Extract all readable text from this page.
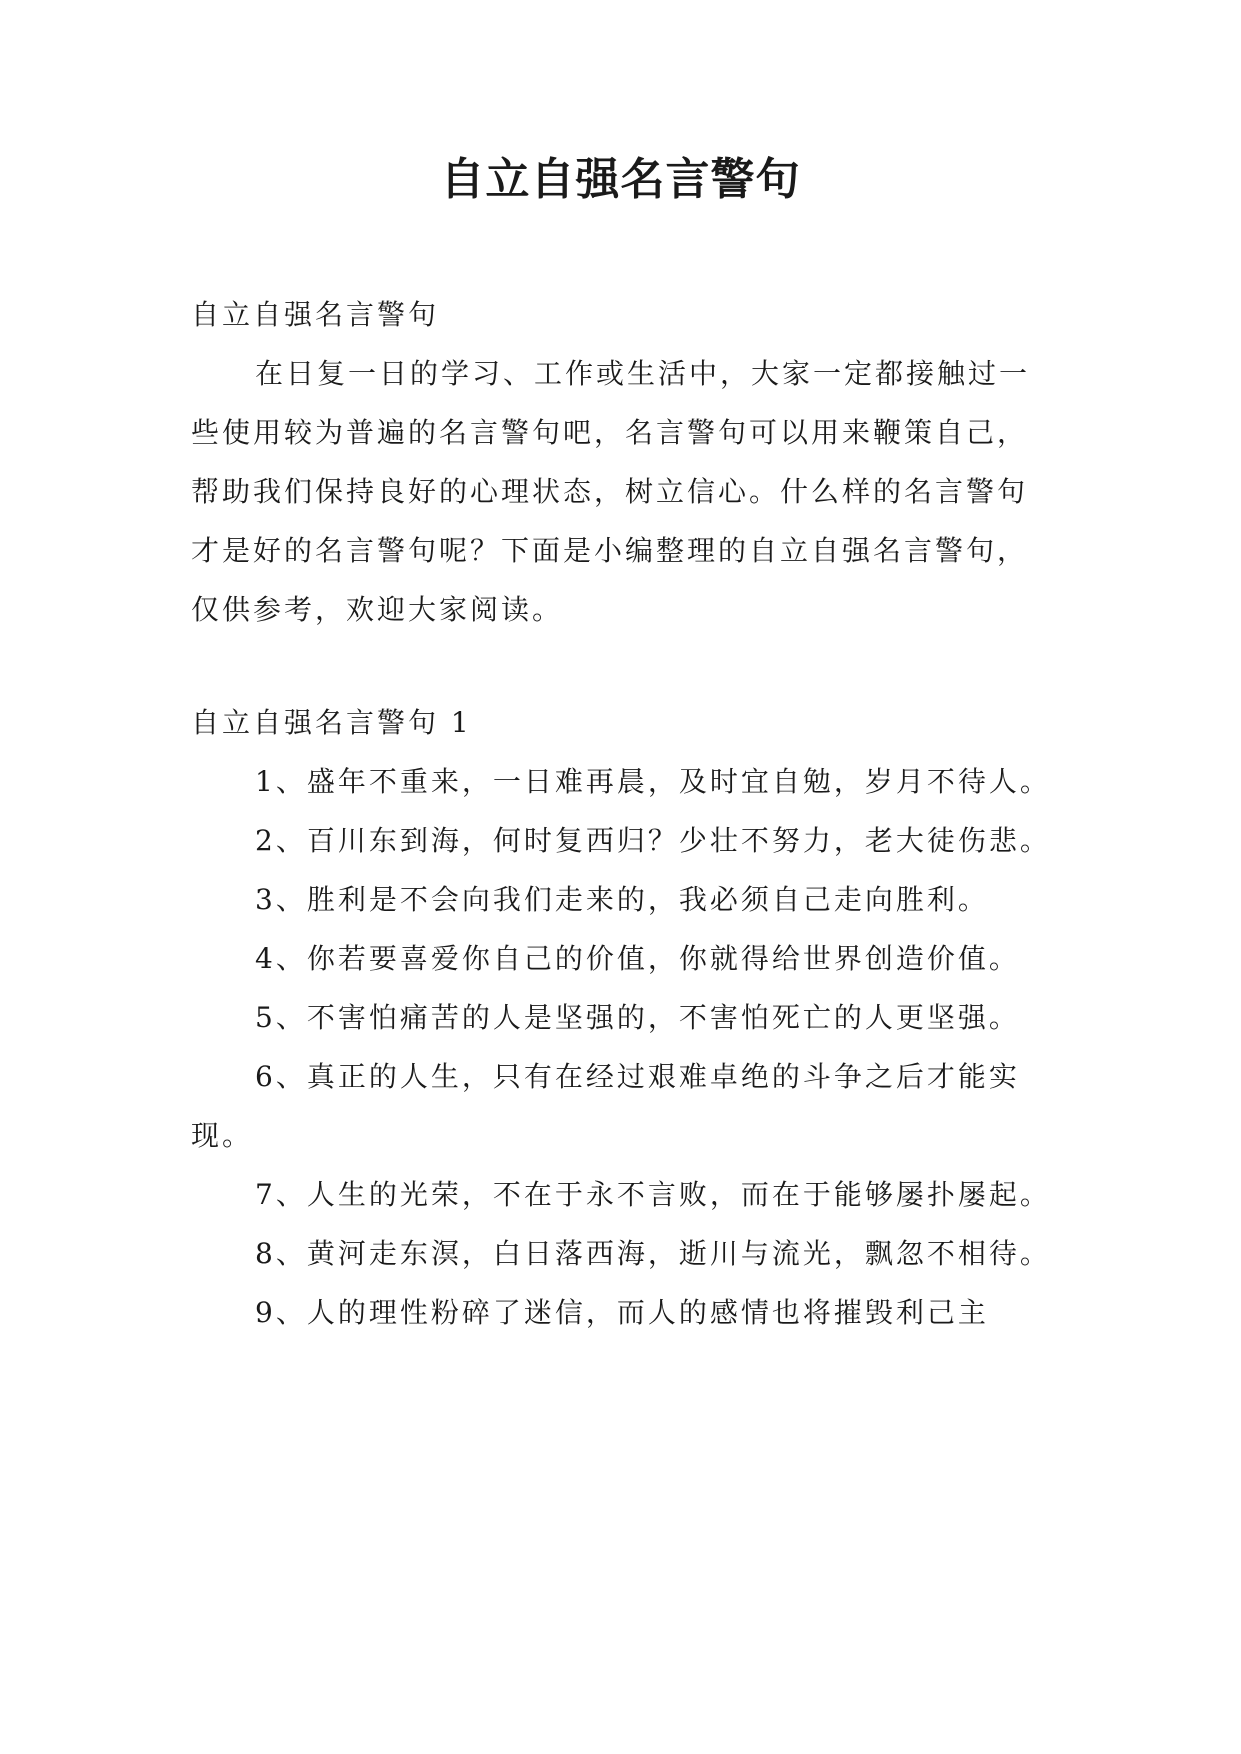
自立自强名言警句

自立自强名言警句

在日复一日的学习、工作或生活中，大家一定都接触过一些使用较为普遍的名言警句吧，名言警句可以用来鞭策自己，帮助我们保持良好的心理状态，树立信心。什么样的名言警句才是好的名言警句呢？下面是小编整理的自立自强名言警句，仅供参考，欢迎大家阅读。

自立自强名言警句 1

1、盛年不重来，一日难再晨，及时宜自勉，岁月不待人。

2、百川东到海，何时复西归？少壮不努力，老大徒伤悲。

3、胜利是不会向我们走来的，我必须自己走向胜利。

4、你若要喜爱你自己的价值，你就得给世界创造价值。

5、不害怕痛苦的人是坚强的，不害怕死亡的人更坚强。

6、真正的人生，只有在经过艰难卓绝的斗争之后才能实现。

7、人生的光荣，不在于永不言败，而在于能够屡扑屡起。

8、黄河走东溟，白日落西海，逝川与流光，飘忽不相待。

9、人的理性粉碎了迷信，而人的感情也将摧毁利己主
